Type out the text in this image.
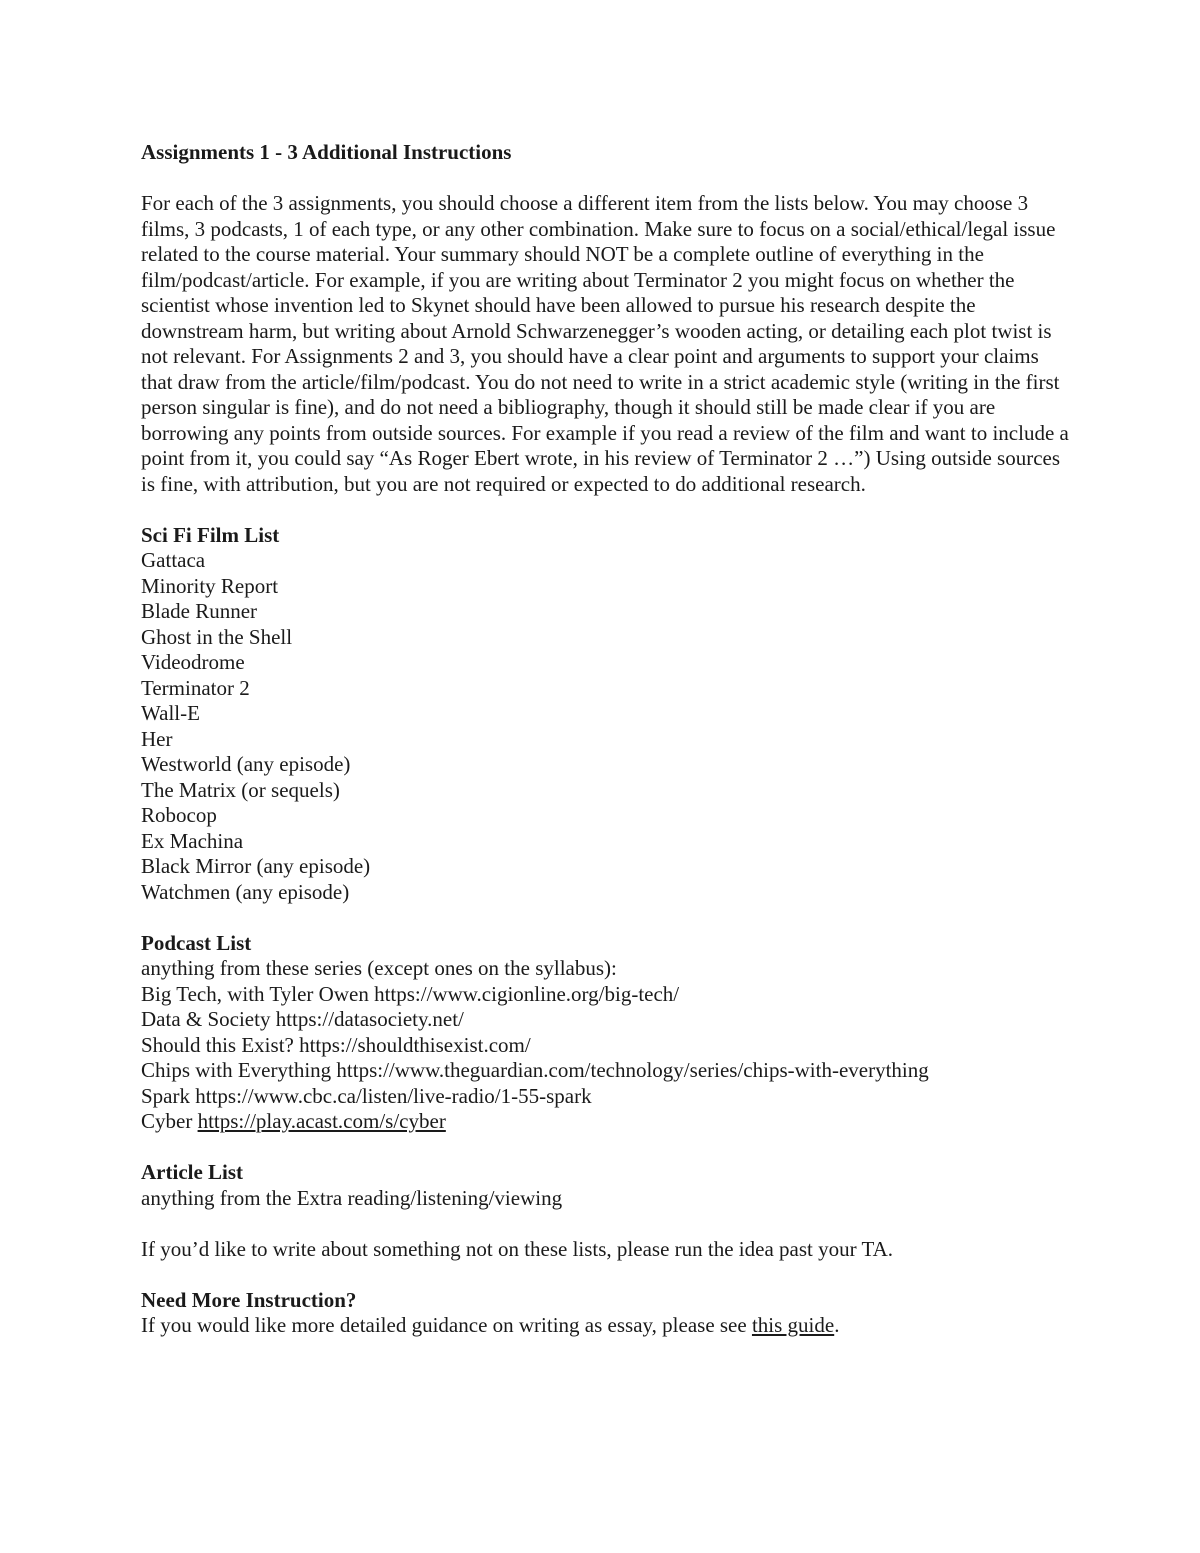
Assignments 1 - 3 Additional Instructions

For each of the 3 assignments, you should choose a different item from the lists below. You may choose 3 films, 3 podcasts, 1 of each type, or any other combination. Make sure to focus on a social/ethical/legal issue related to the course material. Your summary should NOT be a complete outline of everything in the film/podcast/article. For example, if you are writing about Terminator 2 you might focus on whether the scientist whose invention led to Skynet should have been allowed to pursue his research despite the downstream harm, but writing about Arnold Schwarzenegger’s wooden acting, or detailing each plot twist is not relevant. For Assignments 2 and 3, you should have a clear point and arguments to support your claims that draw from the article/film/podcast. You do not need to write in a strict academic style (writing in the first person singular is fine), and do not need a bibliography, though it should still be made clear if you are borrowing any points from outside sources. For example if you read a review of the film and want to include a point from it, you could say “As Roger Ebert wrote, in his review of Terminator 2 …”) Using outside sources is fine, with attribution, but you are not required or expected to do additional research.

Sci Fi Film List

Gattaca
Minority Report
Blade Runner
Ghost in the Shell
Videodrome
Terminator 2
Wall-E
Her
Westworld (any episode)
The Matrix (or sequels)
Robocop
Ex Machina
Black Mirror (any episode)
Watchmen (any episode)

Podcast List

anything from these series (except ones on the syllabus):

Big Tech, with Tyler Owen https://www.cigionline.org/big-tech/
Data & Society https://datasociety.net/
Should this Exist? https://shouldthisexist.com/
Chips with Everything https://www.theguardian.com/technology/series/chips-with-everything
Spark https://www.cbc.ca/listen/live-radio/1-55-spark

Cyber https://play.acast.com/s/cyber

Article List

anything from the Extra reading/listening/viewing

If you’d like to write about something not on these lists, please run the idea past your TA.

Need More Instruction?

If you would like more detailed guidance on writing as essay, please see this guide.
